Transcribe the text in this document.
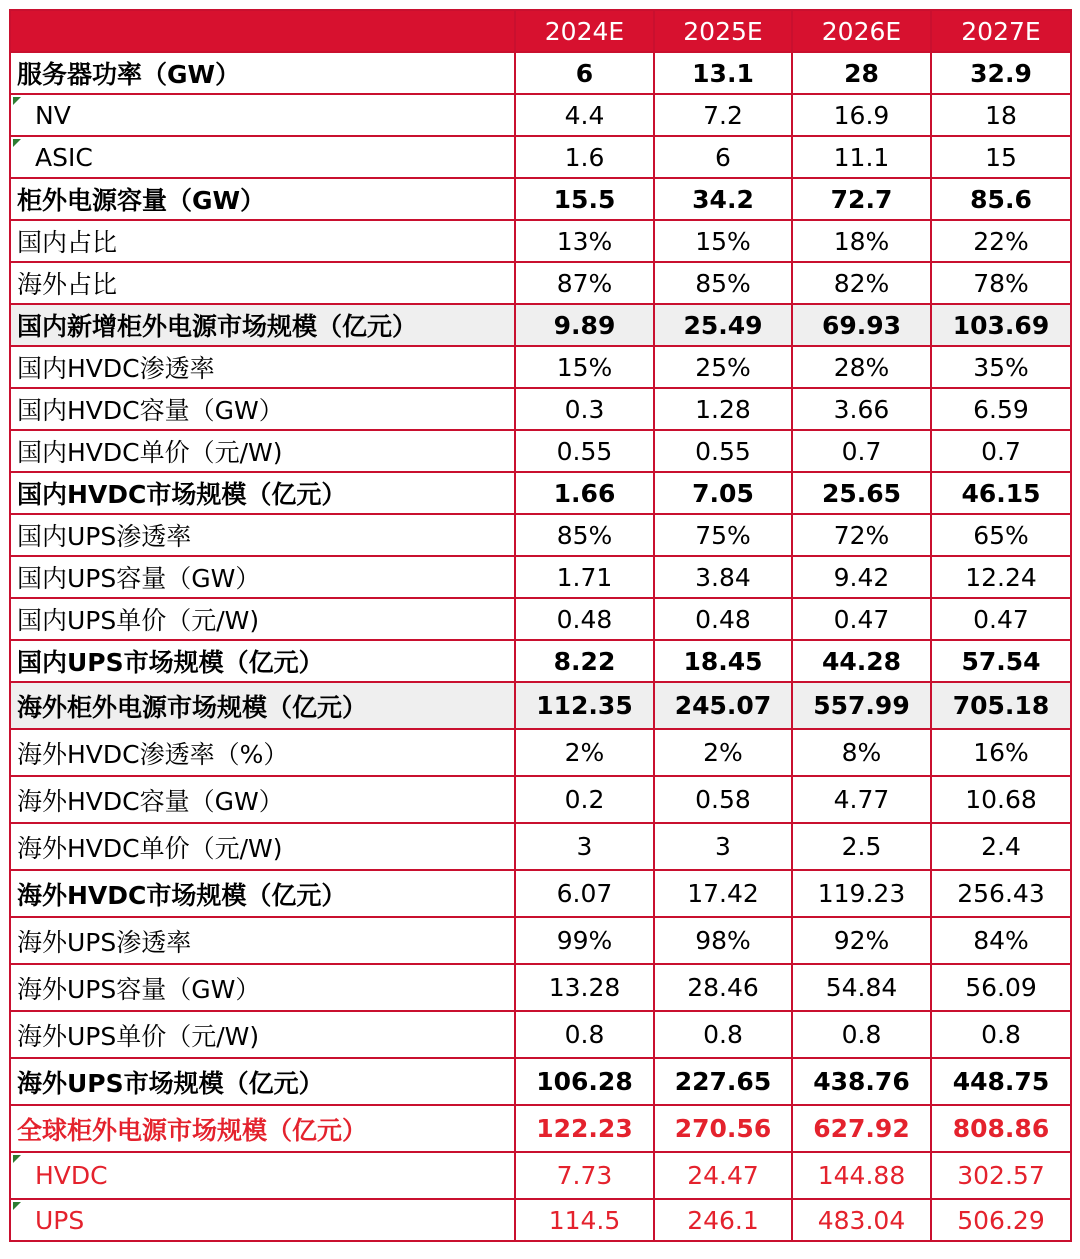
	2024E	2025E	2026E	2027E
服务器功率（GW）	6	13.1	28	32.9
NV	4.4	7.2	16.9	18
ASIC	1.6	6	11.1	15
柜外电源容量（GW）	15.5	34.2	72.7	85.6
国内占比	13%	15%	18%	22%
海外占比	87%	85%	82%	78%
国内新增柜外电源市场规模（亿元）	9.89	25.49	69.93	103.69
国内HVDC渗透率	15%	25%	28%	35%
国内HVDC容量（GW）	0.3	1.28	3.66	6.59
国内HVDC单价（元/W)	0.55	0.55	0.7	0.7
国内HVDC市场规模（亿元）	1.66	7.05	25.65	46.15
国内UPS渗透率	85%	75%	72%	65%
国内UPS容量（GW）	1.71	3.84	9.42	12.24
国内UPS单价（元/W)	0.48	0.48	0.47	0.47
国内UPS市场规模（亿元）	8.22	18.45	44.28	57.54
海外柜外电源市场规模（亿元）	112.35	245.07	557.99	705.18
海外HVDC渗透率（%）	2%	2%	8%	16%
海外HVDC容量（GW）	0.2	0.58	4.77	10.68
海外HVDC单价（元/W)	3	3	2.5	2.4
海外HVDC市场规模（亿元）	6.07	17.42	119.23	256.43
海外UPS渗透率	99%	98%	92%	84%
海外UPS容量（GW）	13.28	28.46	54.84	56.09
海外UPS单价（元/W)	0.8	0.8	0.8	0.8
海外UPS市场规模（亿元）	106.28	227.65	438.76	448.75
全球柜外电源市场规模（亿元）	122.23	270.56	627.92	808.86
HVDC	7.73	24.47	144.88	302.57
UPS	114.5	246.1	483.04	506.29
